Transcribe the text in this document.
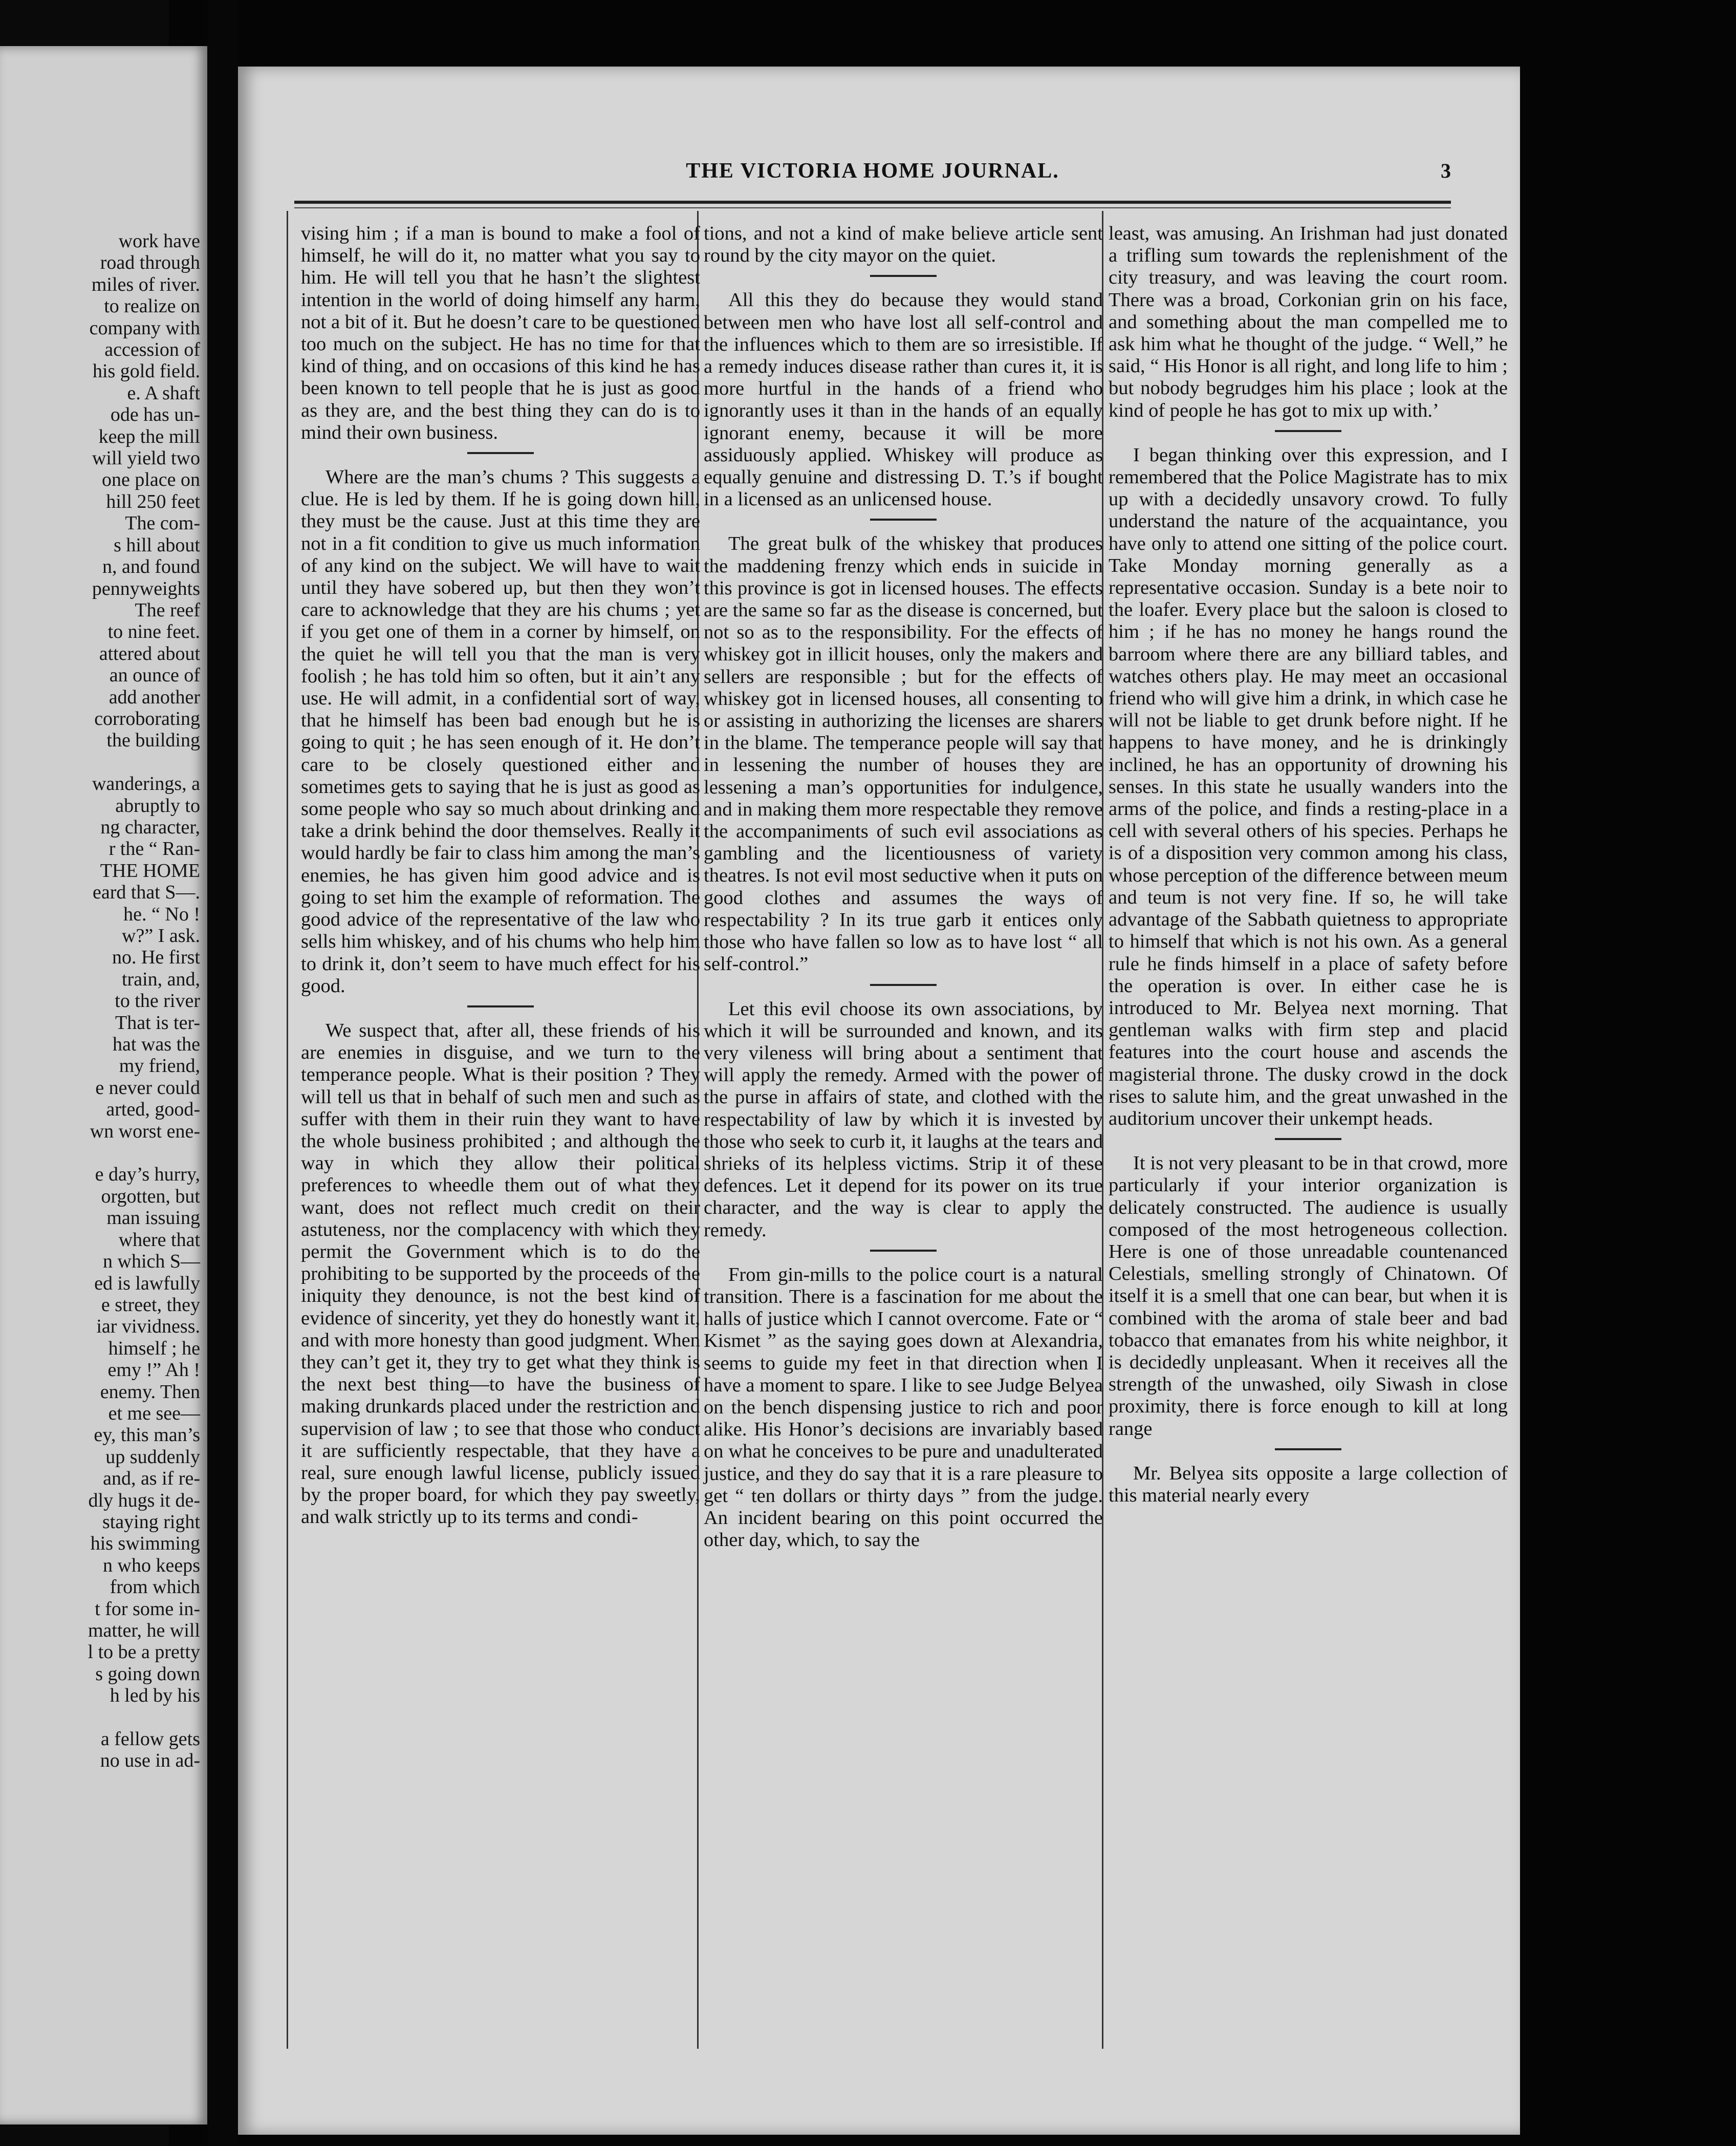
work have
road through
miles of river.
to realize on
company with
accession of
his gold field.
e. A shaft
ode has un-
keep the mill
will yield two
one place on
hill 250 feet
The com-
s hill about
n, and found
pennyweights
The reef
to nine feet.
attered about
an ounce of
add another
corroborating
the building

wanderings, a
abruptly to
ng character,
r the “ Ran-
THE HOME
eard that S—.
he. “ No !
w?” I ask.
no. He first
train, and,
to the river
That is ter-
hat was the
my friend,
e never could
arted, good-
wn worst ene-

e day’s hurry,
orgotten, but
man issuing
where that
n which S—
ed is lawfully
e street, they
iar vividness.
himself ; he
emy !” Ah !
enemy. Then
et me see—
ey, this man’s
up suddenly
and, as if re-
dly hugs it de-
staying right
his swimming
n who keeps
from which
t for some in-
matter, he will
l to be a pretty
s going down
h led by his

a fellow gets
no use in ad-
THE VICTORIA HOME JOURNAL.	3

vising him ; if a man is bound to make a fool of himself, he will do it, no matter what you say to him. He will tell you that he hasn’t the slightest intention in the world of doing himself any harm, not a bit of it. But he doesn’t care to be questioned too much on the subject. He has no time for that kind of thing, and on occasions of this kind he has been known to tell people that he is just as good as they are, and the best thing they can do is to mind their own business.

Where are the man’s chums ? This suggests a clue. He is led by them. If he is going down hill, they must be the cause. Just at this time they are not in a fit condition to give us much information of any kind on the subject. We will have to wait until they have sobered up, but then they won’t care to acknowledge that they are his chums ; yet if you get one of them in a corner by himself, on the quiet he will tell you that the man is very foolish ; he has told him so often, but it ain’t any use. He will admit, in a confidential sort of way, that he himself has been bad enough but he is going to quit ; he has seen enough of it. He don’t care to be closely questioned either and sometimes gets to saying that he is just as good as some people who say so much about drinking and take a drink behind the door themselves. Really it would hardly be fair to class him among the man’s enemies, he has given him good advice and is going to set him the example of reformation. The good advice of the representative of the law who sells him whiskey, and of his chums who help him to drink it, don’t seem to have much effect for his good.

We suspect that, after all, these friends of his are enemies in disguise, and we turn to the temperance people. What is their position ? They will tell us that in behalf of such men and such as suffer with them in their ruin they want to have the whole business prohibited ; and although the way in which they allow their political preferences to wheedle them out of what they want, does not reflect much credit on their astuteness, nor the complacency with which they permit the Government which is to do the prohibiting to be supported by the proceeds of the iniquity they denounce, is not the best kind of evidence of sincerity, yet they do honestly want it, and with more honesty than good judgment. When they can’t get it, they try to get what they think is the next best thing—to have the business of making drunkards placed under the restriction and supervision of law ; to see that those who conduct it are sufficiently respectable, that they have a real, sure enough lawful license, publicly issued by the proper board, for which they pay sweetly, and walk strictly up to its terms and condi-

tions, and not a kind of make believe article sent round by the city mayor on the quiet.

All this they do because they would stand between men who have lost all self-control and the influences which to them are so irresistible. If a remedy induces disease rather than cures it, it is more hurtful in the hands of a friend who ignorantly uses it than in the hands of an equally ignorant enemy, because it will be more assiduously applied. Whiskey will produce as equally genuine and distressing D. T.’s if bought in a licensed as an unlicensed house.

The great bulk of the whiskey that produces the maddening frenzy which ends in suicide in this province is got in licensed houses. The effects are the same so far as the disease is concerned, but not so as to the responsibility. For the effects of whiskey got in illicit houses, only the makers and sellers are responsible ; but for the effects of whiskey got in licensed houses, all consenting to or assisting in authorizing the licenses are sharers in the blame. The temperance people will say that in lessening the number of houses they are lessening a man’s opportunities for indulgence, and in making them more respectable they remove the accompaniments of such evil associations as gambling and the licentiousness of variety theatres. Is not evil most seductive when it puts on good clothes and assumes the ways of respectability ? In its true garb it entices only those who have fallen so low as to have lost “ all self-control.”

Let this evil choose its own associations, by which it will be surrounded and known, and its very vileness will bring about a sentiment that will apply the remedy. Armed with the power of the purse in affairs of state, and clothed with the respectability of law by which it is invested by those who seek to curb it, it laughs at the tears and shrieks of its helpless victims. Strip it of these defences. Let it depend for its power on its true character, and the way is clear to apply the remedy.

From gin-mills to the police court is a natural transition. There is a fascination for me about the halls of justice which I cannot overcome. Fate or “ Kismet ” as the saying goes down at Alexandria, seems to guide my feet in that direction when I have a moment to spare. I like to see Judge Belyea on the bench dispensing justice to rich and poor alike. His Honor’s decisions are invariably based on what he conceives to be pure and unadulterated justice, and they do say that it is a rare pleasure to get “ ten dollars or thirty days ” from the judge. An incident bearing on this point occurred the other day, which, to say the

least, was amusing. An Irishman had just donated a trifling sum towards the replenishment of the city treasury, and was leaving the court room. There was a broad, Corkonian grin on his face, and something about the man compelled me to ask him what he thought of the judge. “ Well,” he said, “ His Honor is all right, and long life to him ; but nobody begrudges him his place ; look at the kind of people he has got to mix up with.’

I began thinking over this expression, and I remembered that the Police Magistrate has to mix up with a decidedly unsavory crowd. To fully understand the nature of the acquaintance, you have only to attend one sitting of the police court. Take Monday morning generally as a representative occasion. Sunday is a bete noir to the loafer. Every place but the saloon is closed to him ; if he has no money he hangs round the barroom where there are any billiard tables, and watches others play. He may meet an occasional friend who will give him a drink, in which case he will not be liable to get drunk before night. If he happens to have money, and he is drinkingly inclined, he has an opportunity of drowning his senses. In this state he usually wanders into the arms of the police, and finds a resting-place in a cell with several others of his species. Perhaps he is of a disposition very common among his class, whose perception of the difference between meum and teum is not very fine. If so, he will take advantage of the Sabbath quietness to appropriate to himself that which is not his own. As a general rule he finds himself in a place of safety before the operation is over. In either case he is introduced to Mr. Belyea next morning. That gentleman walks with firm step and placid features into the court house and ascends the magisterial throne. The dusky crowd in the dock rises to salute him, and the great unwashed in the auditorium uncover their unkempt heads.

It is not very pleasant to be in that crowd, more particularly if your interior organization is delicately constructed. The audience is usually composed of the most hetrogeneous collection. Here is one of those unreadable countenanced Celestials, smelling strongly of Chinatown. Of itself it is a smell that one can bear, but when it is combined with the aroma of stale beer and bad tobacco that emanates from his white neighbor, it is decidedly unpleasant. When it receives all the strength of the unwashed, oily Siwash in close proximity, there is force enough to kill at long range

Mr. Belyea sits opposite a large collection of this material nearly every
